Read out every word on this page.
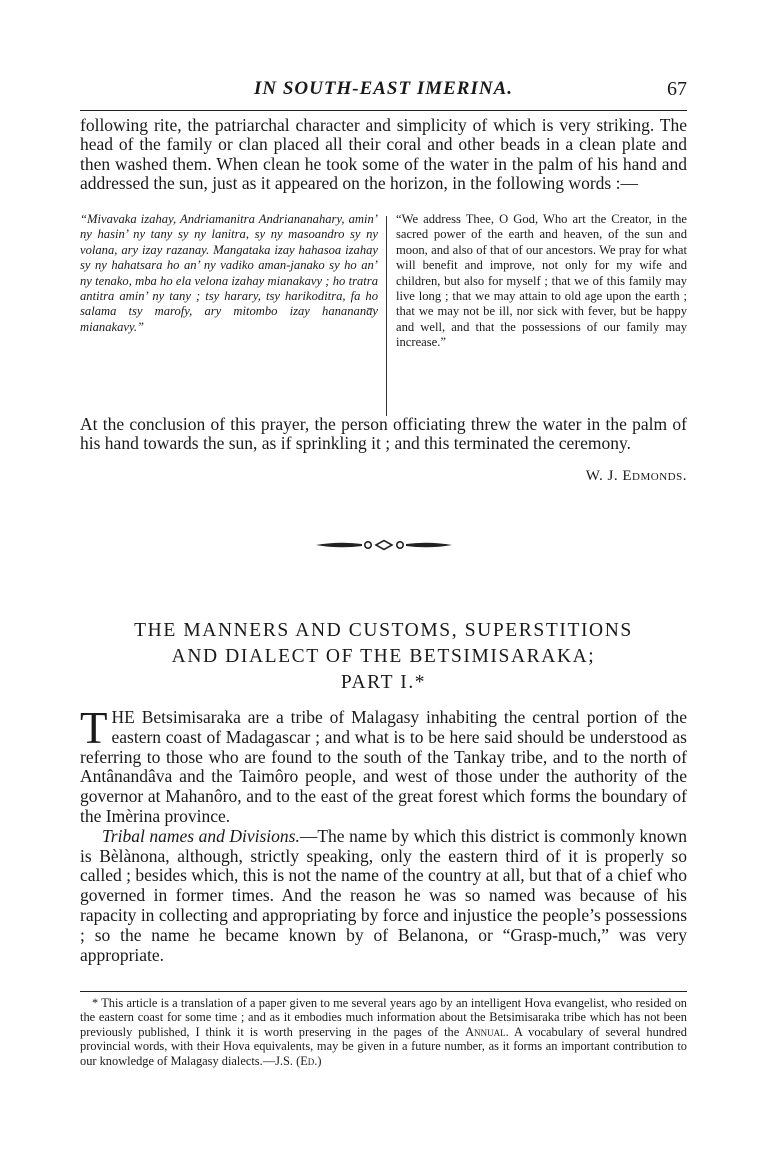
IN SOUTH-EAST IMERINA.	67

following rite, the patriarchal character and simplicity of which is very striking. The head of the family or clan placed all their coral and other beads in a clean plate and then washed them. When clean he took some of the water in the palm of his hand and addressed the sun, just as it appeared on the horizon, in the following words :—

“Mivavaka izahay, Andriamanitra Andriananahary, amin’ ny hasin’ ny tany sy ny lanitra, sy ny masoandro sy ny volana, ary izay razanay. Mangataka izay hahasoa izahay sy ny hahatsara ho an’ ny vadiko aman-janako sy ho an’ ny tenako, mba ho ela velona izahay mianakavy ; ho tratra antitra amin’ ny tany ; tsy harary, tsy harikoditra, fa ho salama tsy marofy, ary mitombo izay hananana̅y mianakavy.”
“We address Thee, O God, Who art the Creator, in the sacred power of the earth and heaven, of the sun and moon, and also of that of our ancestors. We pray for what will benefit and improve, not only for my wife and children, but also for myself ; that we of this family may live long ; that we may attain to old age upon the earth ; that we may not be ill, nor sick with fever, but be happy and well, and that the possessions of our family may increase.”

At the conclusion of this prayer, the person officiating threw the water in the palm of his hand towards the sun, as if sprinkling it ; and this terminated the ceremony.

W. J. Edmonds.
THE MANNERS AND CUSTOMS, SUPERSTITIONS
AND DIALECT OF THE BETSIMISARAKA;
PART I.*

THE Betsimisaraka are a tribe of Malagasy inhabiting the central portion of the eastern coast of Madagascar ; and what is to be here said should be understood as referring to those who are found to the south of the Tankay tribe, and to the north of Antânandâva and the Taimôro people, and west of those under the authority of the governor at Mahanôro, and to the east of the great forest which forms the boundary of the Imèrina province.

Tribal names and Divisions.—The name by which this district is commonly known is Bèlànona, although, strictly speaking, only the eastern third of it is properly so called ; besides which, this is not the name of the country at all, but that of a chief who governed in former times. And the reason he was so named was because of his rapacity in collecting and appropriating by force and injustice the people’s possessions ; so the name he became known by of Belanona, or “Grasp-much,” was very appropriate.

* This article is a translation of a paper given to me several years ago by an intelligent Hova evangelist, who resided on the eastern coast for some time ; and as it embodies much information about the Betsimisaraka tribe which has not been previously published, I think it is worth preserving in the pages of the Annual. A vocabulary of several hundred provincial words, with their Hova equivalents, may be given in a future number, as it forms an important contribution to our knowledge of Malagasy dialects.—J.S. (Ed.)
